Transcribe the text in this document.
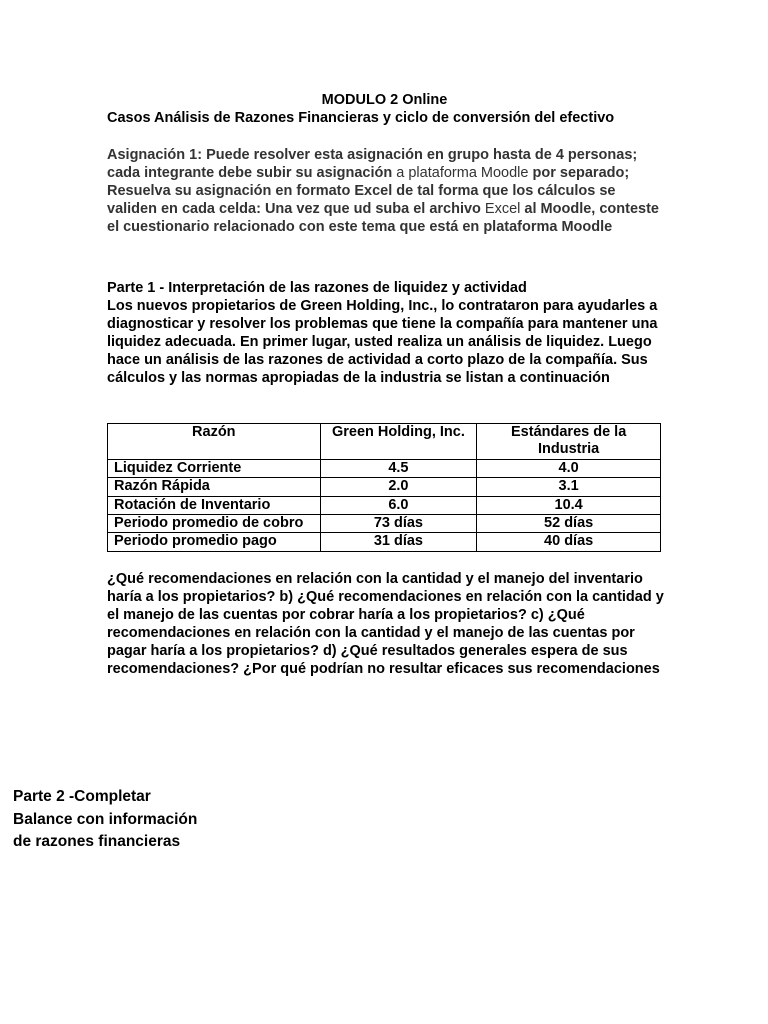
MODULO 2 Online
Casos Análisis de Razones Financieras y ciclo de conversión del efectivo
Asignación 1: Puede resolver esta asignación en grupo hasta de 4 personas; cada integrante debe subir su asignación a plataforma Moodle por separado; Resuelva su asignación en formato Excel de tal forma que los cálculos se validen en cada celda: Una vez que ud suba el archivo Excel al Moodle, conteste el cuestionario relacionado con este tema que está en plataforma Moodle

Parte 1 - Interpretación de las razones de liquidez y actividad

Los nuevos propietarios de Green Holding, Inc., lo contrataron para ayudarles a diagnosticar y resolver los problemas que tiene la compañía para mantener una liquidez adecuada. En primer lugar, usted realiza un análisis de liquidez. Luego hace un análisis de las razones de actividad a corto plazo de la compañía. Sus cálculos y las normas apropiadas de la industria se listan a continuación

Razón	Green Holding, Inc.	Estándares de la Industria
Liquidez Corriente	4.5	4.0
Razón Rápida	2.0	3.1
Rotación de Inventario	6.0	10.4
Periodo promedio de cobro	73 días	52 días
Periodo promedio pago	31 días	40 días
¿Qué recomendaciones en relación con la cantidad y el manejo del inventario haría a los propietarios? b) ¿Qué recomendaciones en relación con la cantidad y el manejo de las cuentas por cobrar haría a los propietarios? c) ¿Qué recomendaciones en relación con la cantidad y el manejo de las cuentas por pagar haría a los propietarios? d) ¿Qué resultados generales espera de sus recomendaciones? ¿Por qué podrían no resultar eficaces sus recomendaciones
Parte 2 -Completar
Balance con información
de razones financieras
